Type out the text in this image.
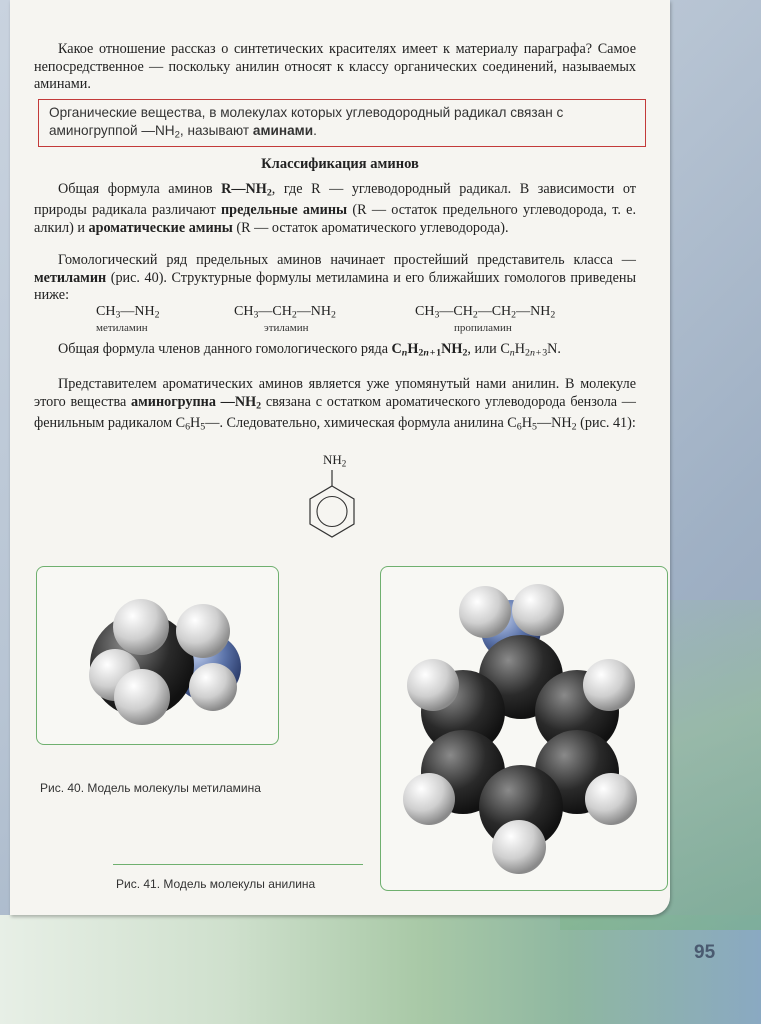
Какое отношение рассказ о синтетических красителях имеет к материалу параграфа? Самое непосредственное — поскольку анилин относят к классу органических соединений, называемых аминами.

Органические вещества, в молекулах которых углеводородный радикал связан с аминогруппой $—NH_2$, называют аминами.
Классификация аминов

Общая формула аминов $R—NH_2$, где R — углеводородный радикал. В зависимости от природы радикала различают предельные амины (R — остаток предельного углеводорода, т. е. алкил) и ароматические амины (R — остаток ароматического углеводорода).

Гомологический ряд предельных аминов начинает простейший представитель класса — метиламин (рис. 40). Структурные формулы метиламина и его ближайших гомологов приведены ниже:

$CH_3—NH_2$
метиламин
$CH_3—CH_2—NH_2$
этиламин
$CH_3—CH_2—CH_2—NH_2$
пропиламин

Общая формула членов данного гомологического ряда $C_nH_{2n + 1}NH_2$, или $C_nH_{2n + 3}N$.

Представителем ароматических аминов является уже упомянутый нами анилин. В молекуле этого вещества аминогрупна $—NH_2$ связана с остатком ароматического углеводорода бензола — фенильным радикалом $C_6H_5—$. Следовательно, химическая формула анилина $C_6H_5—NH_2$ (рис. 41):

$NH_2$
Рис. 40. Модель молекулы метиламина
Рис. 41. Модель молекулы анилина
95
